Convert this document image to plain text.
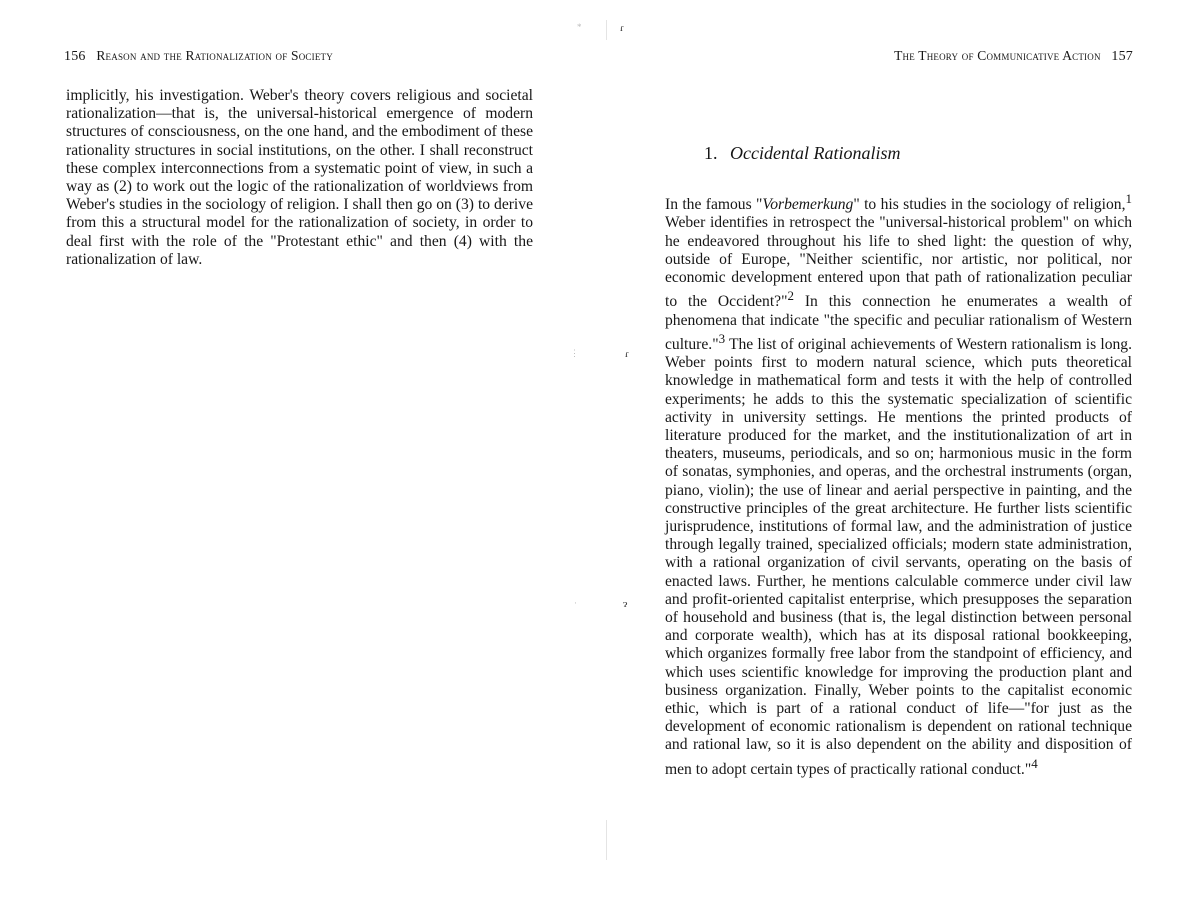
156 Reason and the Rationalization of Society

implicitly, his investigation. Weber's theory covers religious and societal rationalization—that is, the universal-historical emergence of modern structures of consciousness, on the one hand, and the embodiment of these rationality structures in social institutions, on the other. I shall reconstruct these complex interconnections from a systematic point of view, in such a way as (2) to work out the logic of the rationalization of worldviews from Weber's studies in the sociology of religion. I shall then go on (3) to derive from this a structural model for the rationalization of society, in order to deal first with the role of the "Protestant ethic" and then (4) with the rationalization of law.

*	ɾ
⋮	ɾ
·	ɂ
The Theory of Communicative Action 157
1. Occidental Rationalism

In the famous "Vorbemerkung" to his studies in the sociology of religion,$^1$ Weber identifies in retrospect the "universal-historical problem" on which he endeavored throughout his life to shed light: the question of why, outside of Europe, "Neither scientific, nor artistic, nor political, nor economic development entered upon that path of rationalization peculiar to the Occident?"$^2$ In this connection he enumerates a wealth of phenomena that indicate "the specific and peculiar rationalism of Western culture."$^3$ The list of original achievements of Western rationalism is long. Weber points first to modern natural science, which puts theoretical knowledge in mathematical form and tests it with the help of controlled experiments; he adds to this the systematic specialization of scientific activity in university settings. He mentions the printed products of literature produced for the market, and the institutionalization of art in theaters, museums, periodicals, and so on; harmonious music in the form of sonatas, symphonies, and operas, and the orchestral instruments (organ, piano, violin); the use of linear and aerial perspective in painting, and the constructive principles of the great architecture. He further lists scientific jurisprudence, institutions of formal law, and the administration of justice through legally trained, specialized officials; modern state administration, with a rational organization of civil servants, operating on the basis of enacted laws. Further, he mentions calculable commerce under civil law and profit-oriented capitalist enterprise, which presupposes the separation of household and business (that is, the legal distinction between personal and corporate wealth), which has at its disposal rational bookkeeping, which organizes formally free labor from the standpoint of efficiency, and which uses scientific knowledge for improving the production plant and business organization. Finally, Weber points to the capitalist economic ethic, which is part of a rational conduct of life—"for just as the development of economic rationalism is dependent on rational technique and rational law, so it is also dependent on the ability and disposition of men to adopt certain types of practically rational conduct."$^4$
